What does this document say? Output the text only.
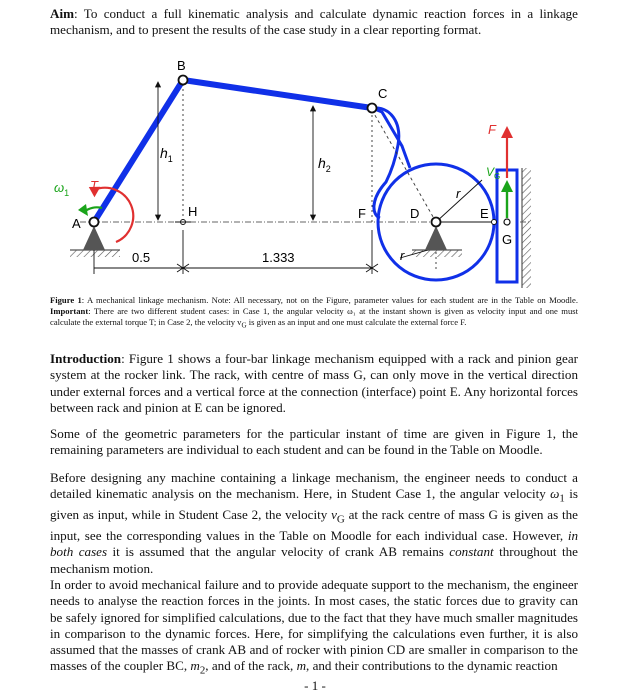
Aim: To conduct a full kinematic analysis and calculate dynamic reaction forces in a linkage mechanism, and to present the results of the case study in a clear reporting format.

A
B
C
D	E
F
G
H
$h_1$	$h_2$
$\omega_1$ T
F
$V_G$
r
r
0.5	1.333

Figure 1: A mechanical linkage mechanism. Note: All necessary, not on the Figure, parameter values for each student are in the Table on Moodle. Important: There are two different student cases: in Case 1, the angular velocity ω₁ at the instant shown is given as velocity input and one must calculate the external torque T; in Case 2, the velocity $v_G$ is given as an input and one must calculate the external force F.

Introduction: Figure 1 shows a four-bar linkage mechanism equipped with a rack and pinion gear system at the rocker link. The rack, with centre of mass G, can only move in the vertical direction under external forces and a vertical force at the connection (interface) point E. Any horizontal forces between rack and pinion at E can be ignored.

Some of the geometric parameters for the particular instant of time are given in Figure 1, the remaining parameters are individual to each student and can be found in the Table on Moodle.

Before designing any machine containing a linkage mechanism, the engineer needs to conduct a detailed kinematic analysis on the mechanism. Here, in Student Case 1, the angular velocity $\omega_1$ is given as input, while in Student Case 2, the velocity $v_G$ at the rack centre of mass G is given as the input, see the corresponding values in the Table on Moodle for each individual case. However, in both cases it is assumed that the angular velocity of crank AB remains constant throughout the mechanism motion.

In order to avoid mechanical failure and to provide adequate support to the mechanism, the engineer needs to analyse the reaction forces in the joints. In most cases, the static forces due to gravity can be safely ignored for simplified calculations, due to the fact that they have much smaller magnitudes in comparison to the dynamic forces. Here, for simplifying the calculations even further, it is also assumed that the masses of crank AB and of rocker with pinion CD are smaller in comparison to the masses of the coupler BC, $m_2$, and of the rack, m, and their contributions to the dynamic reaction

- 1 -
